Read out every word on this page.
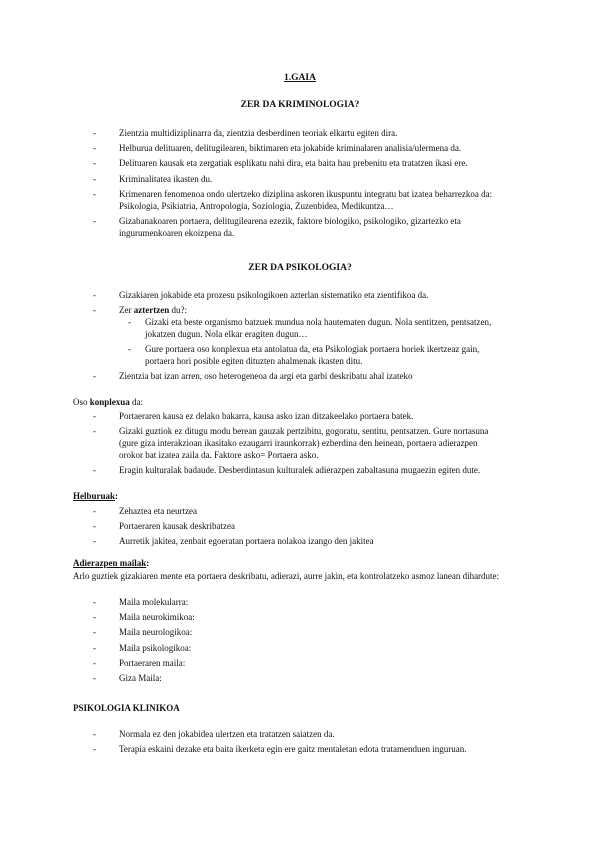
1.GAIA
ZER DA KRIMINOLOGIA?
- Zientzia multidiziplinarra da, zientzia desberdinen teoriak elkartu egiten dira.
- Helburua delituaren, delitugilearen, biktimaren eta jokabide kriminalaren analisia/ulermena da.
- Delituaren kausak eta zergatiak esplikatu nahi dira, eta baita hau prebenitu eta tratatzen ikasi ere.
- Kriminalitatea ikasten du.
- Krimenaren fenomenoa ondo ulertzeko diziplina askoren ikuspuntu integratu bat izatea beharrezkoa da: Psikologia, Psikiatria, Antropologia, Soziologia, Zuzenbidea, Medikuntza…
- Gizabanakoaren portaera, delitugilearena ezezik, faktore biologiko, psikologiko, gizartezko eta ingurumenkoaren ekoizpena da.
ZER DA PSIKOLOGIA?
- Gizakiaren jokabide eta prozesu psikologikoen azterlan sistematiko eta zientifikoa da.
- Zer aztertzen du?:
- Gizaki eta beste organismo batzuek mundua nola hautematen dugun. Nola sentitzen, pentsatzen, jokatzen dugun. Nola elkar eragiten dugun…
- Gure portaera oso konplexua eta antolatua da, eta Psikologiak portaera horiek ikertzeaz gain, portaera hori posible egiten dituzten ahalmenak ikasten ditu.
- Zientzia bat izan arren, oso heterogeneoa da argi eta garbi deskribatu ahal izateko

Oso konplexua da:

- Portaeraren kausa ez delako bakarra, kausa asko izan ditzakeelako portaera batek.
- Gizaki guztiok ez ditugu modu berean gauzak pertzibitu, gogoratu, sentitu, pentsatzen. Gure nortasuna (gure giza interakzioan ikasitako ezaugarri iraunkorrak) ezberdina den heinean, portaera adierazpen orokor bat izatea zaila da. Faktore asko= Portaera asko.
- Eragin kulturalak badaude. Desberdintasun kulturalek adierazpen zabaltasuna mugaezin egiten dute.
Helburuak:
- Zehaztea eta neurtzea
- Portaeraren kausak deskribatzea
- Aurretik jakitea, zenbait egoeratan portaera nolakoa izango den jakitea
Adierazpen mailak:

Arlo guztiek gizakiaren mente eta portaera deskribatu, adierazi, aurre jakin, eta kontrolatzeko asmoz lanean dihardute:

- Maila molekularra:
- Maila neurokimikoa:
- Maila neurologikoa:
- Maila psikologikoa:
- Portaeraren maila:
- Giza Maila:
PSIKOLOGIA KLINIKOA
- Normala ez den jokabidea ulertzen eta tratatzen saiatzen da.
- Terapia eskaini dezake eta baita ikerketa egin ere gaitz mentaletan edota tratamenduen inguruan.
